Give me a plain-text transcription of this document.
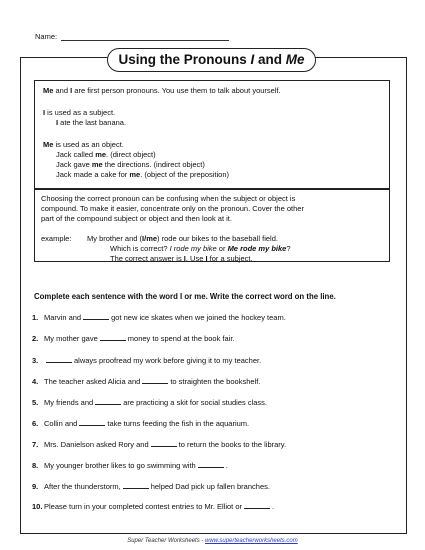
Name:
Using the Pronouns I and Me
Me and I are first person pronouns. You use them to talk about yourself.
I is used as a subject.
I ate the last banana.
Me is used as an object.
Jack called me. (direct object)
Jack gave me the directions. (indirect object)
Jack made a cake for me. (object of the preposition)
Choosing the correct pronoun can be confusing when the subject or object is
compound. To make it easier, concentrate only on the pronoun. Cover the other
part of the compound subject or object and then look at it.
example: My brother and (I/me) rode our bikes to the baseball field.
Which is correct? I rode my bike or Me rode my bike?
The correct answer is I. Use I for a subject.
Complete each sentence with the word I or me. Write the correct word on the line.
1. Marvin and	got new ice skates when we joined the hockey team.
2. My mother gave	money to spend at the book fair.
3.	always proofread my work before giving it to my teacher.
4. The teacher asked Alicia and	to straighten the bookshelf.
5. My friends and	are practicing a skit for social studies class.
6. Collin and	take turns feeding the fish in the aquarium.
7. Mrs. Danielson asked Rory and	to return the books to the library.
8. My younger brother likes to go swimming with	.
9. After the thunderstorm,	helped Dad pick up fallen branches.
10. Please turn in your completed contest entries to Mr. Elliot or	.
Super Teacher Worksheets - www.superteacherworksheets.com
